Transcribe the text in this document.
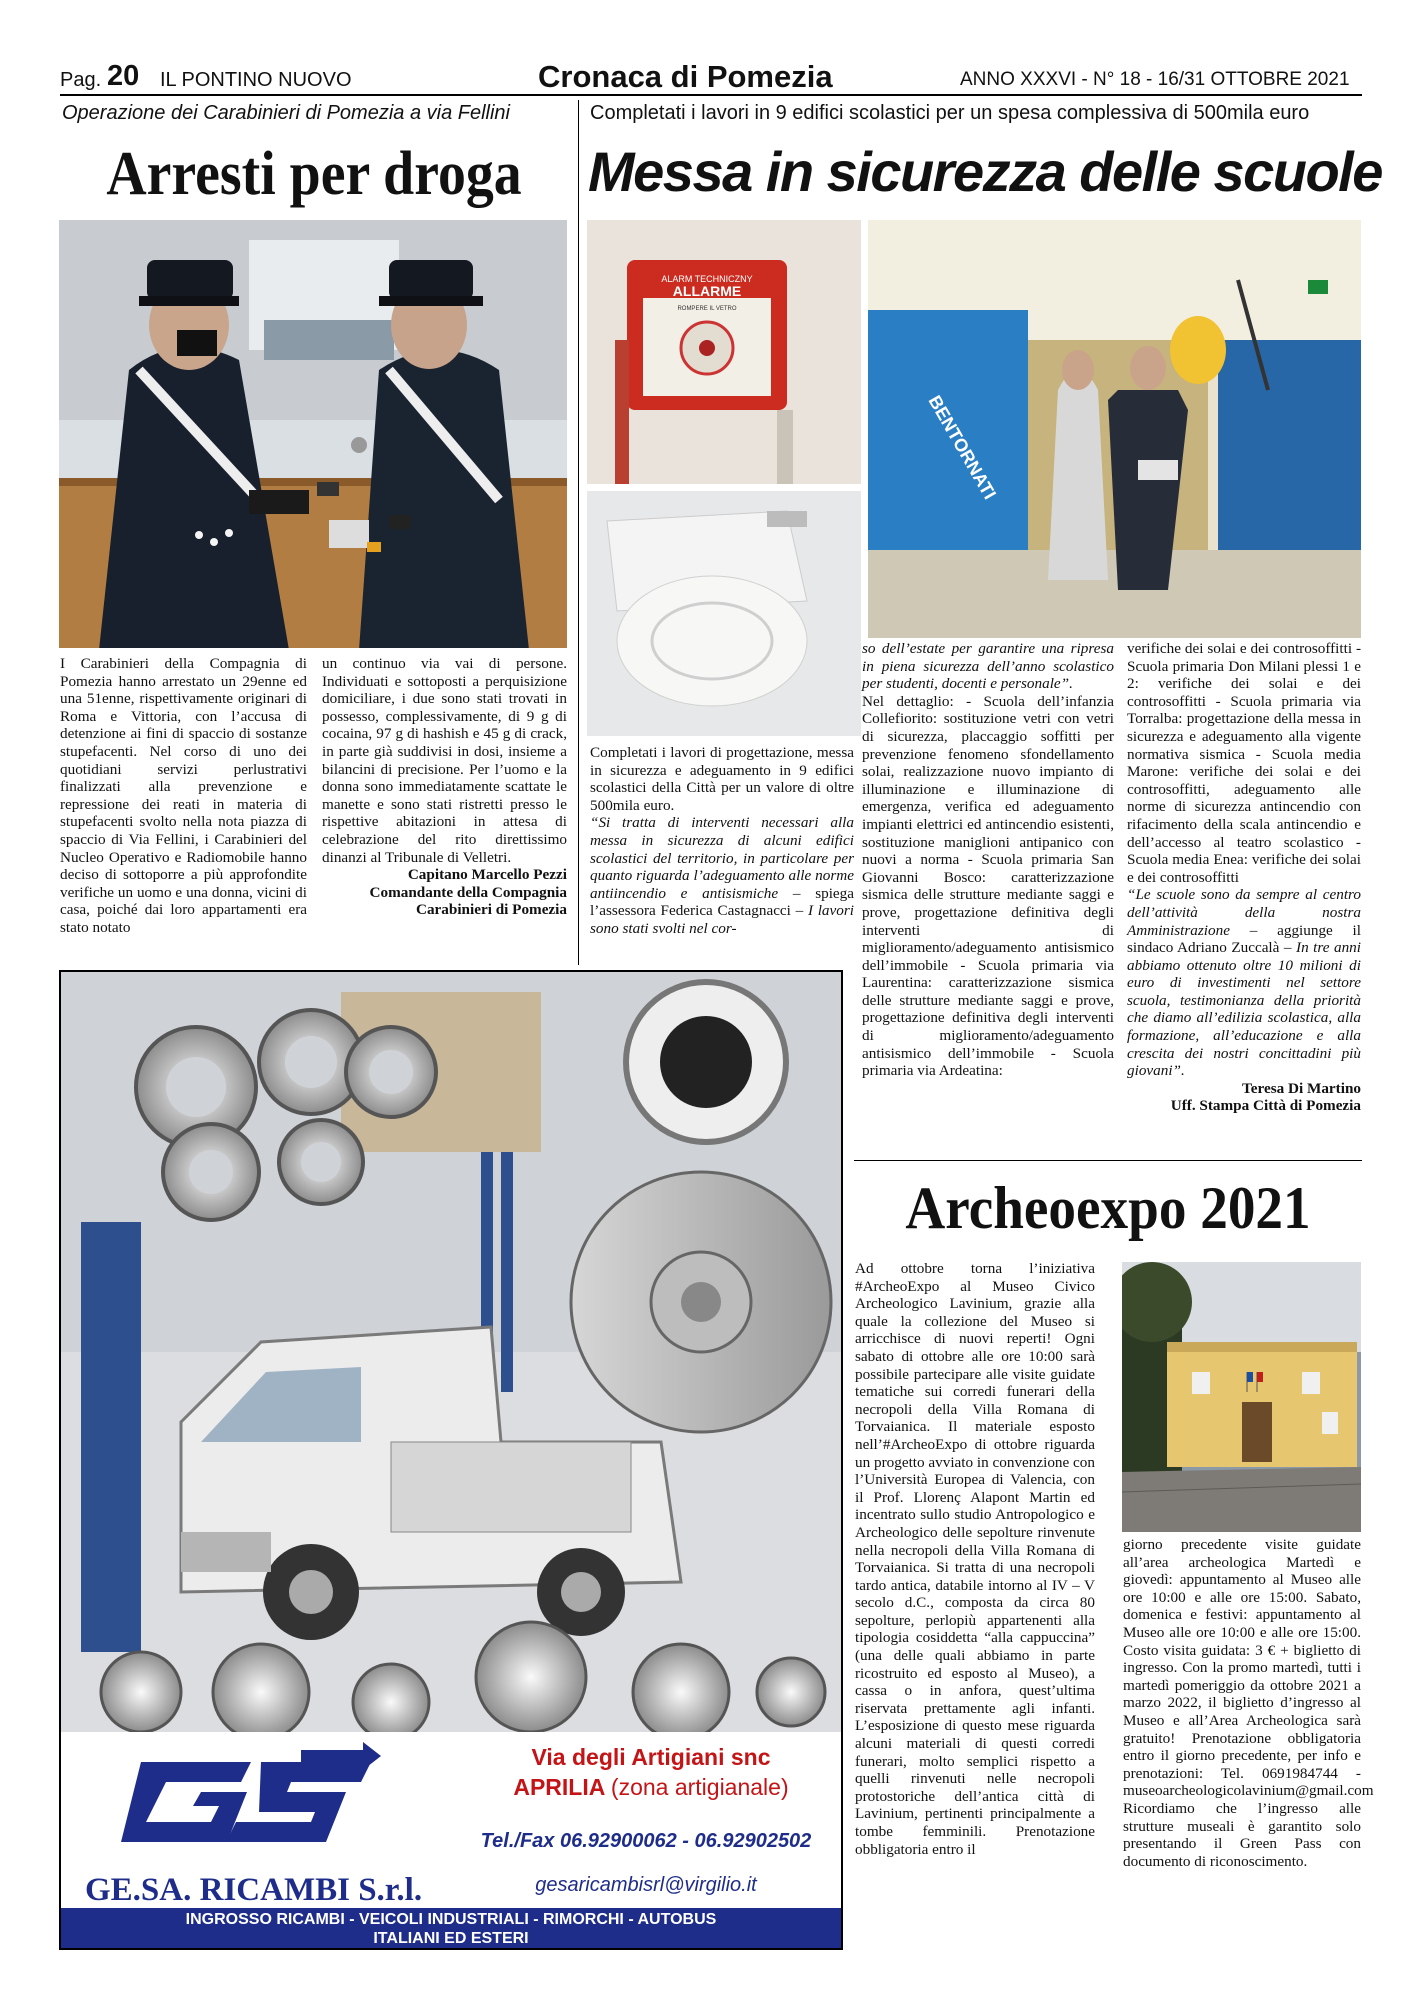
Pag. 20 IL PONTINO NUOVO	Cronaca di Pomezia	ANNO XXXVI - N° 18 - 16/31 OTTOBRE 2021
Operazione dei Carabinieri di Pomezia a via Fellini
Arresti per droga

I Carabinieri della Compagnia di Pomezia hanno arrestato un 29enne ed una 51enne, rispettivamente originari di Roma e Vittoria, con l’accusa di detenzione ai fini di spaccio di sostanze stupefacenti. Nel corso di uno dei quotidiani servizi perlustrativi finalizzati alla prevenzione e repressione dei reati in materia di stupefacenti svolto nella nota piazza di spaccio di Via Fellini, i Carabinieri del Nucleo Operativo e Radiomobile hanno deciso di sottoporre a più approfondite verifiche un uomo e una donna, vicini di casa, poiché dai loro appartamenti era stato notato

un continuo via vai di persone. Individuati e sottoposti a perquisizione domiciliare, i due sono stati trovati in possesso, complessivamente, di 9 g di cocaina, 97 g di hashish e 45 g di crack, in parte già suddivisi in dosi, insieme a bilancini di precisione. Per l’uomo e la donna sono immediatamente scattate le manette e sono stati ristretti presso le rispettive abitazioni in attesa di celebrazione del rito direttissimo dinanzi al Tribunale di Velletri.

Capitano Marcello Pezzi

Comandante della Compagnia

Carabinieri di Pomezia

Completati i lavori in 9 edifici scolastici per un spesa complessiva di 500mila euro
Messa in sicurezza delle scuole
ALARM TECHNICZNY
ALLARME
ROMPERE IL VETRO
BENTORNATI

Completati i lavori di progettazione, messa in sicurezza e adeguamento in 9 edifici scolastici della Città per un valore di oltre 500mila euro.

“Si tratta di interventi necessari alla messa in sicurezza di alcuni edifici scolastici del territorio, in particolare per quanto riguarda l’adeguamento alle norme antiincendio e antisismiche – spiega l’assessora Federica Castagnacci – I lavori sono stati svolti nel cor-

so dell’estate per garantire una ripresa in piena sicurezza dell’anno scolastico per studenti, docenti e personale”.

Nel dettaglio: - Scuola dell’infanzia Collefiorito: sostituzione vetri con vetri di sicurezza, placcaggio soffitti per prevenzione fenomeno sfondellamento solai, realizzazione nuovo impianto di illuminazione e illuminazione di emergenza, verifica ed adeguamento impianti elettrici ed antincendio esistenti, sostituzione maniglioni antipanico con nuovi a norma - Scuola primaria San Giovanni Bosco: caratterizzazione sismica delle strutture mediante saggi e prove, progettazione definitiva degli interventi di miglioramento/adeguamento antisismico dell’immobile - Scuola primaria via Laurentina: caratterizzazione sismica delle strutture mediante saggi e prove, progettazione definitiva degli interventi di miglioramento/adeguamento antisismico dell’immobile - Scuola primaria via Ardeatina:

verifiche dei solai e dei controsoffitti - Scuola primaria Don Milani plessi 1 e 2: verifiche dei solai e dei controsoffitti - Scuola primaria via Torralba: progettazione della messa in sicurezza e adeguamento alla vigente normativa sismica - Scuola media Marone: verifiche dei solai e dei controsoffitti, adeguamento alle norme di sicurezza antincendio con rifacimento della scala antincendio e dell’accesso al teatro scolastico - Scuola media Enea: verifiche dei solai e dei controsoffitti

“Le scuole sono da sempre al centro dell’attività della nostra Amministrazione – aggiunge il sindaco Adriano Zuccalà – In tre anni abbiamo ottenuto oltre 10 milioni di euro di investimenti nel settore scuola, testimonianza della priorità che diamo all’edilizia scolastica, alla formazione, all’educazione e alla crescita dei nostri concittadini più giovani”.

Teresa Di Martino

Uff. Stampa Città di Pomezia

GE.SA. RICAMBI S.r.l.
Via degli Artigiani snc
APRILIA (zona artigianale)
Tel./Fax 06.92900062 - 06.92902502
gesaricambisrl@virgilio.it
INGROSSO RICAMBI - VEICOLI INDUSTRIALI - RIMORCHI - AUTOBUS
ITALIANI ED ESTERI
Archeoexpo 2021

Ad ottobre torna l’iniziativa #ArcheoExpo al Museo Civico Archeologico Lavinium, grazie alla quale la collezione del Museo si arricchisce di nuovi reperti! Ogni sabato di ottobre alle ore 10:00 sarà possibile partecipare alle visite guidate tematiche sui corredi funerari della necropoli della Villa Romana di Torvaianica. Il materiale esposto nell’#ArcheoExpo di ottobre riguarda un progetto avviato in convenzione con l’Università Europea di Valencia, con il Prof. Llorenç Alapont Martin ed incentrato sullo studio Antropologico e Archeologico delle sepolture rinvenute nella necropoli della Villa Romana di Torvaianica. Si tratta di una necropoli tardo antica, databile intorno al IV – V secolo d.C., composta da circa 80 sepolture, perlopiù appartenenti alla tipologia cosiddetta “alla cappuccina” (una delle quali abbiamo in parte ricostruito ed esposto al Museo), a cassa o in anfora, quest’ultima riservata prettamente agli infanti. L’esposizione di questo mese riguarda alcuni materiali di questi corredi funerari, molto semplici rispetto a quelli rinvenuti nelle necropoli protostoriche dell’antica città di Lavinium, pertinenti principalmente a tombe femminili. Prenotazione obbligatoria entro il

giorno precedente visite guidate all’area archeologica Martedì e giovedì: appuntamento al Museo alle ore 10:00 e alle ore 15:00. Sabato, domenica e festivi: appuntamento al Museo alle ore 10:00 e alle ore 15:00. Costo visita guidata: 3 € + biglietto di ingresso. Con la promo martedì, tutti i martedì pomeriggio da ottobre 2021 a marzo 2022, il biglietto d’ingresso al Museo e all’Area Archeologica sarà gratuito! Prenotazione obbligatoria entro il giorno precedente, per info e prenotazioni: Tel. 0691984744 - museoarcheologicolavinium@gmail.com Ricordiamo che l’ingresso alle strutture museali è garantito solo presentando il Green Pass con documento di riconoscimento.
